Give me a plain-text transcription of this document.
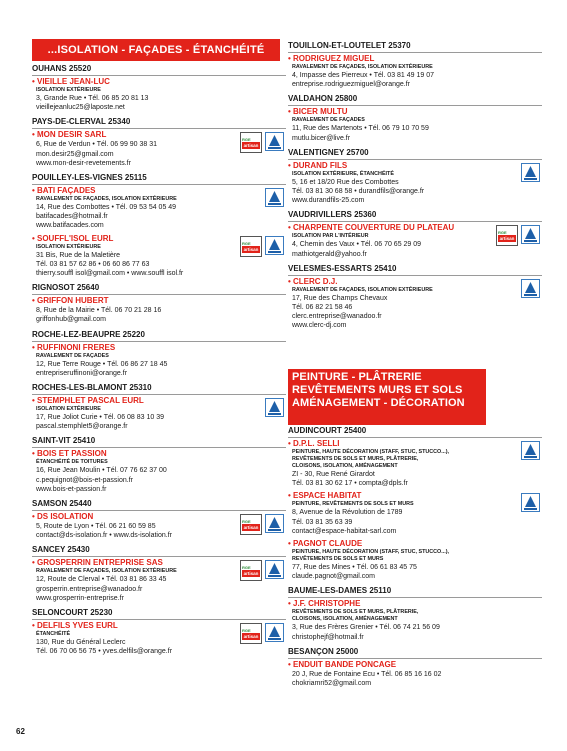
...ISOLATION - FAÇADES - ÉTANCHÉITÉ
OUHANS 25520
• VIEILLE JEAN-LUC
ISOLATION EXTÉRIEURE
3, Grande Rue • Tél. 06 85 20 81 13
vieillejeanluc25@laposte.net
PAYS-DE-CLERVAL 25340
• MON DESIR SARL
6, Rue de Verdun • Tél. 06 99 90 38 31
mon.desir25@gmail.com
www.mon-desir-revetements.fr
RGE
artisan
POUILLEY-LES-VIGNES 25115
• BATI FAÇADES
RAVALEMENT DE FAÇADES, ISOLATION EXTÉRIEURE
14, Rue des Combottes • Tél. 09 53 54 05 49
batifacades@hotmail.fr
www.batifacades.com
• SOUFFL'ISOL EURL
ISOLATION EXTÉRIEURE
31 Bis, Rue de la Maletière
Tél. 03 81 57 62 86 • 06 60 86 77 63
thierry.souffl isol@gmail.com • www.souffl isol.fr
RGE
artisan
RIGNOSOT 25640
• GRIFFON HUBERT
8, Rue de la Mairie • Tél. 06 70 21 28 16
griffonhub@gmail.com
ROCHE-LEZ-BEAUPRE 25220
• RUFFINONI FRERES
RAVALEMENT DE FAÇADES
12, Rue Terre Rouge • Tél. 06 86 27 18 45
entrepriseruffinoni@orange.fr
ROCHES-LES-BLAMONT 25310
• STEMPHLET PASCAL EURL
ISOLATION EXTÉRIEURE
17, Rue Joliot Curie • Tél. 06 08 83 10 39
pascal.stemphlet5@orange.fr
SAINT-VIT 25410
• BOIS ET PASSION
ÉTANCHÉITÉ DE TOITURES
16, Rue Jean Moulin • Tél. 07 76 62 37 00
c.pequignot@bois-et-passion.fr
www.bois-et-passion.fr
SAMSON 25440
• DS ISOLATION
5, Route de Lyon • Tél. 06 21 60 59 85
contact@ds-isolation.fr • www.ds-isolation.fr
RGE
artisan
SANCEY 25430
• GROSPERRIN ENTREPRISE SAS
RAVALEMENT DE FAÇADES, ISOLATION EXTÉRIEURE
12, Route de Clerval • Tél. 03 81 86 33 45
grosperrin.entreprise@wanadoo.fr
www.grosperrin-entreprise.fr
RGE
artisan
SELONCOURT 25230
• DELFILS YVES EURL
ÉTANCHÉITÉ
130, Rue du Général Leclerc
Tél. 06 70 06 56 75 • yves.delfils@orange.fr
RGE
artisan
TOUILLON-ET-LOUTELET 25370
• RODRIGUEZ MIGUEL
RAVALEMENT DE FAÇADES, ISOLATION EXTÉRIEURE
4, Impasse des Pierreux • Tél. 03 81 49 19 07
entreprise.rodriguezmiguel@orange.fr
VALDAHON 25800
• BICER MULTU
RAVALEMENT DE FAÇADES
11, Rue des Martenots • Tél. 06 79 10 70 59
mutlu.bicer@live.fr
VALENTIGNEY 25700
• DURAND FILS
ISOLATION EXTÉRIEURE, ÉTANCHÉITÉ
5, 16 et 18/20 Rue des Combottes
Tél. 03 81 30 68 58 • durandfils@orange.fr
www.durandfils-25.com
VAUDRIVILLERS 25360
• CHARPENTE COUVERTURE DU PLATEAU
ISOLATION PAR L'INTÉRIEUR
4, Chemin des Vaux • Tél. 06 70 65 29 09
mathiotgerald@yahoo.fr
RGE
artisan
VELESMES-ESSARTS 25410
• CLERC D.J.
RAVALEMENT DE FAÇADES, ISOLATION EXTÉRIEURE
17, Rue des Champs Chevaux
Tél. 06 82 21 58 46
clerc.entreprise@wanadoo.fr
www.clerc-dj.com
PEINTURE - PLÂTRERIE
REVÊTEMENTS MURS ET SOLS
AMÉNAGEMENT - DÉCORATION
AUDINCOURT 25400
• D.P.L. SELLI
PEINTURE, HAUTE DÉCORATION (STAFF, STUC, STUCCO...),
REVÊTEMENTS DE SOLS ET MURS, PLÂTRERIE,
CLOISONS, ISOLATION, AMÉNAGEMENT
ZI - 30, Rue René Girardot
Tél. 03 81 30 62 17 • compta@dpls.fr
• ESPACE HABITAT
PEINTURE, REVÊTEMENTS DE SOLS ET MURS
8, Avenue de la Révolution de 1789
Tél. 03 81 35 63 39
contact@espace-habitat-sarl.com
• PAGNOT CLAUDE
PEINTURE, HAUTE DÉCORATION (STAFF, STUC, STUCCO...),
REVÊTEMENTS DE SOLS ET MURS
77, Rue des Mines • Tél. 06 61 83 45 75
claude.pagnot@gmail.com
BAUME-LES-DAMES 25110
• J.F. CHRISTOPHE
REVÊTEMENTS DE SOLS ET MURS, PLÂTRERIE,
CLOISONS, ISOLATION, AMÉNAGEMENT
3, Rue des Frères Grenier • Tél. 06 74 21 56 09
christophejf@hotmail.fr
BESANÇON 25000
• ENDUIT BANDE PONCAGE
20 J, Rue de Fontaine Ecu • Tél. 06 85 16 16 02
chokriamri52@gmail.com
62
